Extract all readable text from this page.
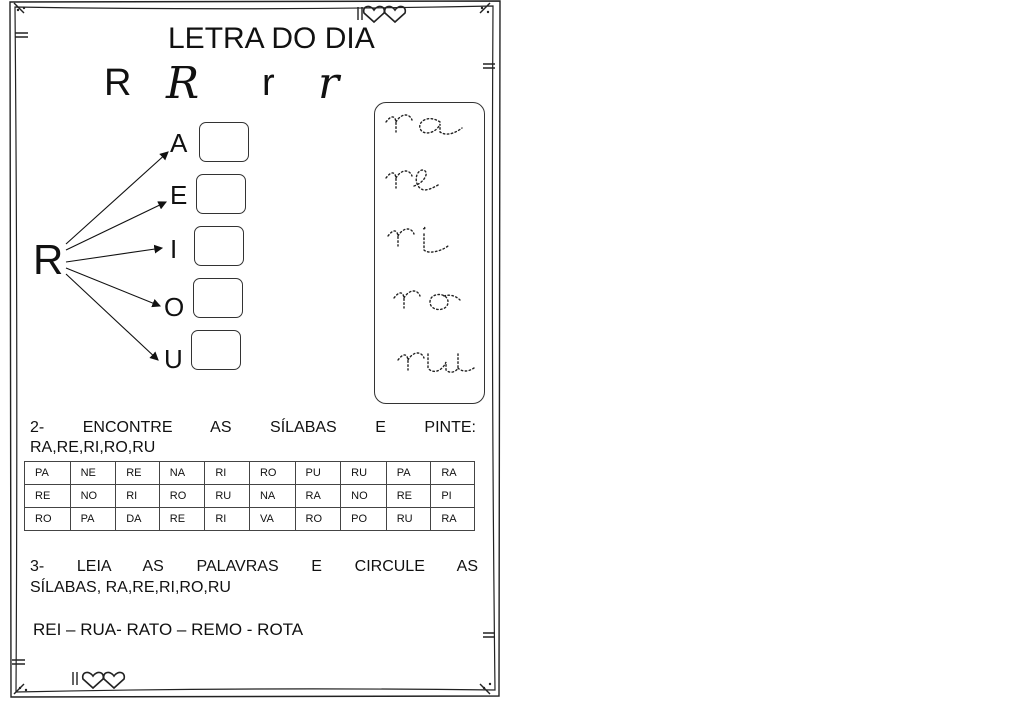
LETRA DO DIA
R R r r
R
A
E
I
O
U
2- ENCONTRE AS SÍLABAS E PINTE:
RA,RE,RI,RO,RU
PA	NE	RE	NA	RI	RO	PU	RU	PA	RA
RE	NO	RI	RO	RU	NA	RA	NO	RE	PI
RO	PA	DA	RE	RI	VA	RO	PO	RU	RA
3- LEIA AS PALAVRAS E CIRCULE AS
SÍLABAS, RA,RE,RI,RO,RU
REI – RUA- RATO – REMO - ROTA
